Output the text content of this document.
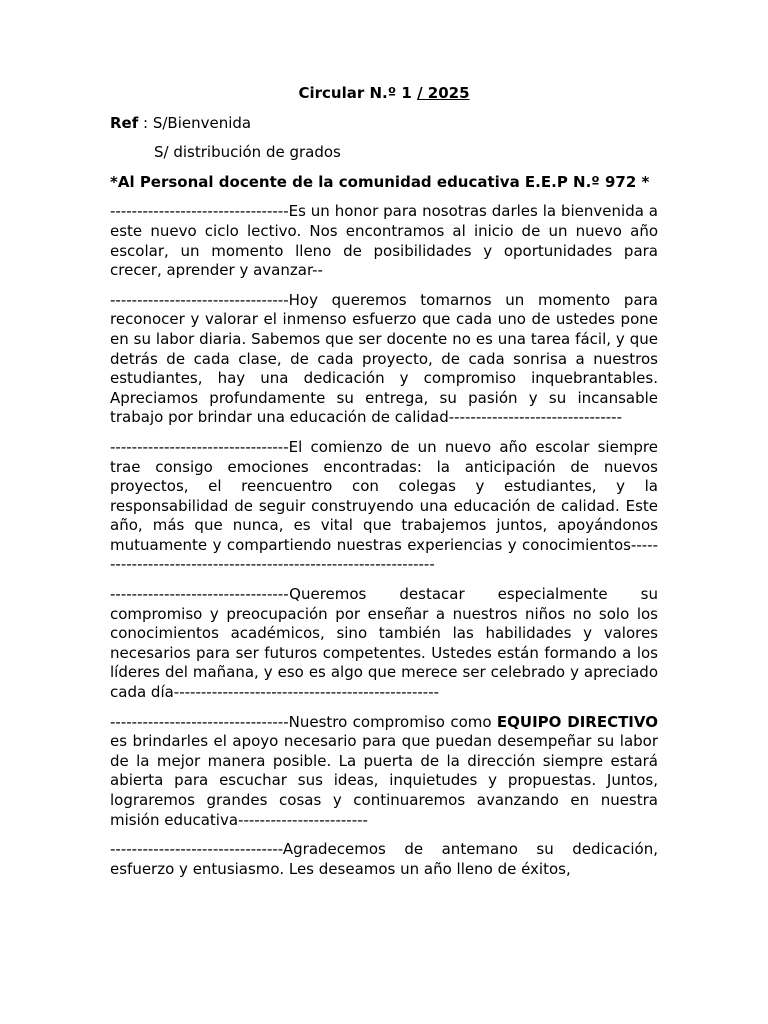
Circular N.º 1 / 2025
Ref : S/Bienvenida
S/ distribución de grados
*Al Personal docente de la comunidad educativa E.E.P N.º 972 *
---------------------------------Es un honor para nosotras darles la bienvenida a este nuevo ciclo lectivo. Nos encontramos al inicio de un nuevo año escolar, un momento lleno de posibilidades y oportunidades para crecer, aprender y avanzar--
---------------------------------Hoy queremos tomarnos un momento para reconocer y valorar el inmenso esfuerzo que cada uno de ustedes pone en su labor diaria. Sabemos que ser docente no es una tarea fácil, y que detrás de cada clase, de cada proyecto, de cada sonrisa a nuestros estudiantes, hay una dedicación y compromiso inquebrantables. Apreciamos profundamente su entrega, su pasión y su incansable trabajo por brindar una educación de calidad--------------------------------
---------------------------------El comienzo de un nuevo año escolar siempre trae consigo emociones encontradas: la anticipación de nuevos proyectos, el reencuentro con colegas y estudiantes, y la responsabilidad de seguir construyendo una educación de calidad. Este año, más que nunca, es vital que trabajemos juntos, apoyándonos mutuamente y compartiendo nuestras experiencias y conocimientos-----------------------------------------------------------------
---------------------------------Queremos destacar especialmente su compromiso y preocupación por enseñar a nuestros niños no solo los conocimientos académicos, sino también las habilidades y valores necesarios para ser futuros competentes. Ustedes están formando a los líderes del mañana, y eso es algo que merece ser celebrado y apreciado cada día-------------------------------------------------
---------------------------------Nuestro compromiso como EQUIPO DIRECTIVO es brindarles el apoyo necesario para que puedan desempeñar su labor de la mejor manera posible. La puerta de la dirección siempre estará abierta para escuchar sus ideas, inquietudes y propuestas. Juntos, lograremos grandes cosas y continuaremos avanzando en nuestra misión educativa------------------------
--------------------------------Agradecemos de antemano su dedicación, esfuerzo y entusiasmo. Les deseamos un año lleno de éxitos,
